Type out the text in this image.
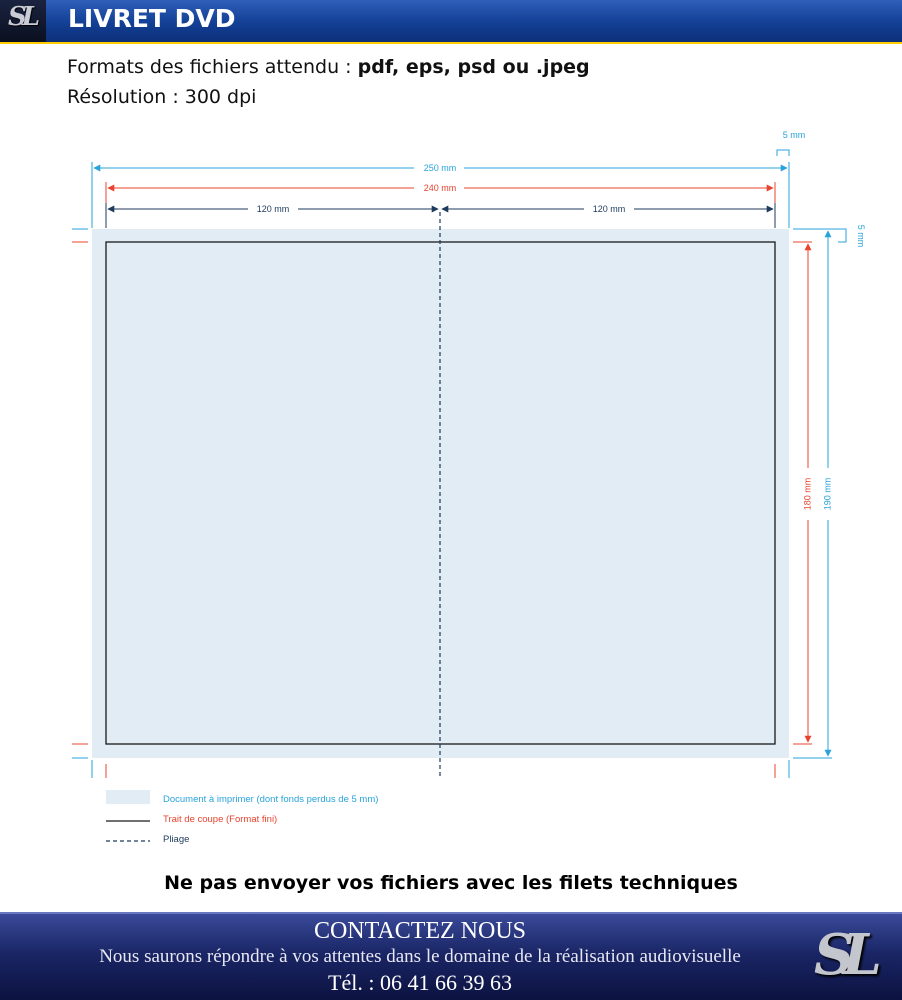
SL LIVRET DVD
Formats des fichiers attendu : pdf, eps, psd ou .jpeg
Résolution : 300 dpi
250 mm
240 mm
120 mm	120 mm
5 mm
5 mm
180 mm 190 mm
Document à imprimer (dont fonds perdus de 5 mm)
Trait de coupe (Format fini)
Pliage
Ne pas envoyer vos fichiers avec les filets techniques
CONTACTEZ NOUS
Nous saurons répondre à vos attentes dans le domaine de la réalisation audiovisuelle
Tél. : 06 41 66 39 63	SL
